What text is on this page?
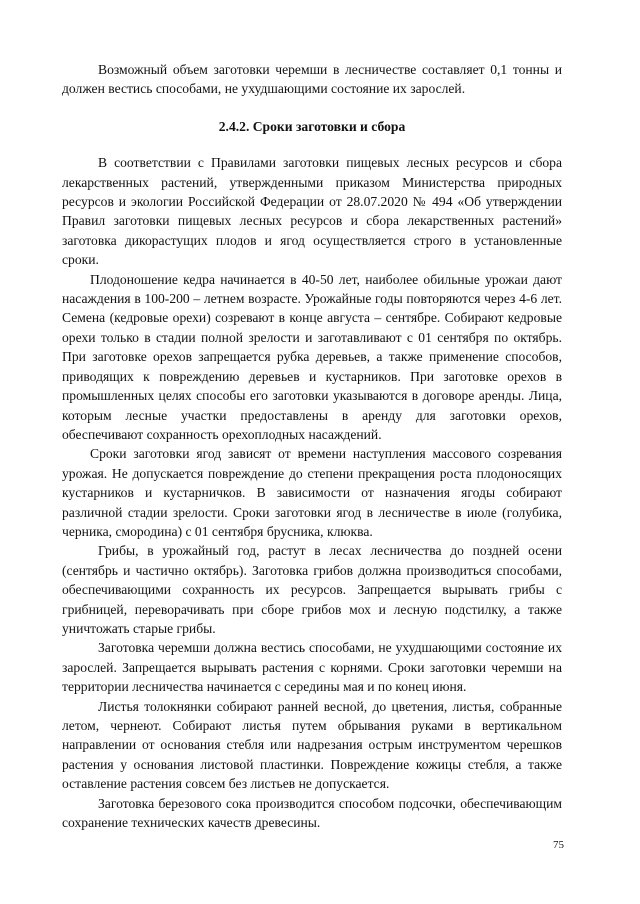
Возможный объем заготовки черемши в лесничестве составляет 0,1 тонны и должен вестись способами, не ухудшающими состояние их зарослей.

2.4.2. Сроки заготовки и сбора

В соответствии с Правилами заготовки пищевых лесных ресурсов и сбора лекарственных растений, утвержденными приказом Министерства природных ресурсов и экологии Российской Федерации от 28.07.2020 № 494 «Об утверждении Правил заготовки пищевых лесных ресурсов и сбора лекарственных растений» заготовка дикорастущих плодов и ягод осуществляется строго в установленные сроки.

Плодоношение кедра начинается в 40-50 лет, наиболее обильные урожаи дают насаждения в 100-200 – летнем возрасте. Урожайные годы повторяются через 4-6 лет. Семена (кедровые орехи) созревают в конце августа – сентябре. Собирают кедровые орехи только в стадии полной зрелости и заготавливают с 01 сентября по октябрь. При заготовке орехов запрещается рубка деревьев, а также применение способов, приводящих к повреждению деревьев и кустарников. При заготовке орехов в промышленных целях способы его заготовки указываются в договоре аренды. Лица, которым лесные участки предоставлены в аренду для заготовки орехов, обеспечивают сохранность орехоплодных насаждений.

Сроки заготовки ягод зависят от времени наступления массового созревания урожая. Не допускается повреждение до степени прекращения роста плодоносящих кустарников и кустарничков. В зависимости от назначения ягоды собирают различной стадии зрелости. Сроки заготовки ягод в лесничестве в июле (голубика, черника, смородина) с 01 сентября брусника, клюква.

Грибы, в урожайный год, растут в лесах лесничества до поздней осени (сентябрь и частично октябрь). Заготовка грибов должна производиться способами, обеспечивающими сохранность их ресурсов. Запрещается вырывать грибы с грибницей, переворачивать при сборе грибов мох и лесную подстилку, а также уничтожать старые грибы.

Заготовка черемши должна вестись способами, не ухудшающими состояние их зарослей. Запрещается вырывать растения с корнями. Сроки заготовки черемши на территории лесничества начинается с середины мая и по конец июня.

Листья толокнянки собирают ранней весной, до цветения, листья, собранные летом, чернеют. Собирают листья путем обрывания руками в вертикальном направлении от основания стебля или надрезания острым инструментом черешков растения у основания листовой пластинки. Повреждение кожицы стебля, а также оставление растения совсем без листьев не допускается.

Заготовка березового сока производится способом подсочки, обеспечивающим сохранение технических качеств древесины.

75
